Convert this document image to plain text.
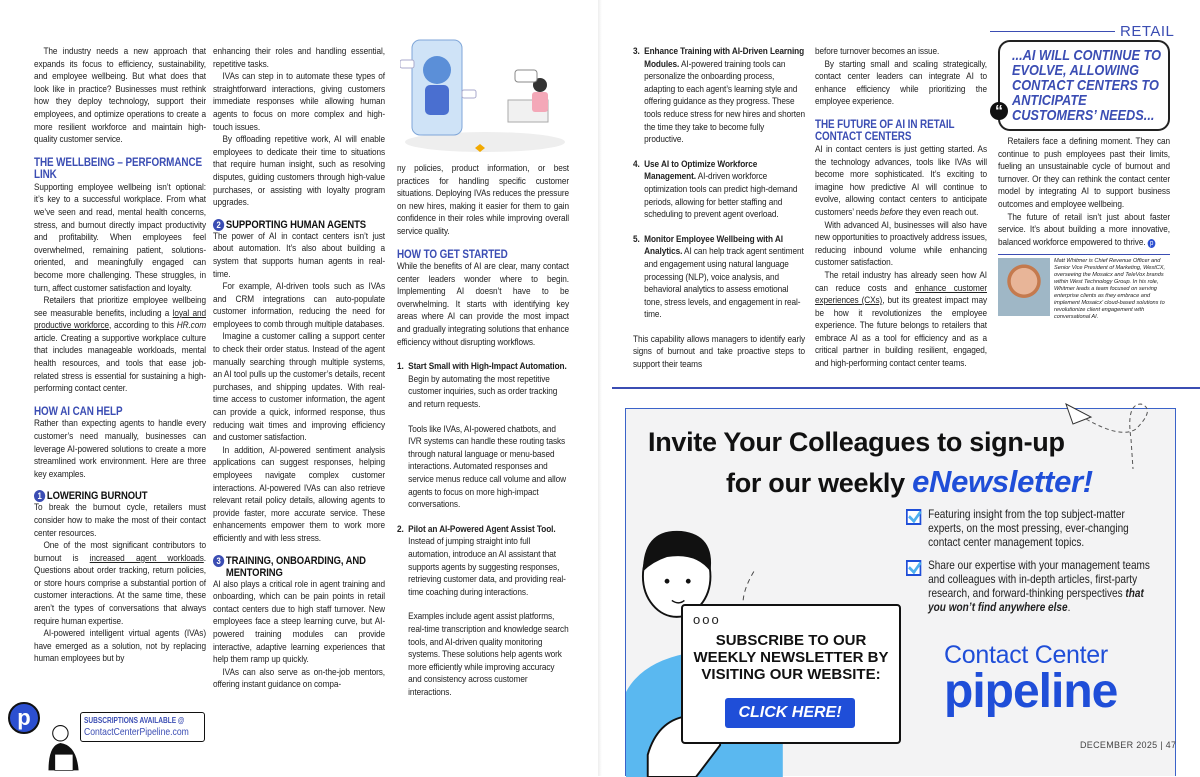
The industry needs a new approach that expands its focus to efficiency, sustainability, and employee wellbeing. But what does that look like in practice? Businesses must rethink how they deploy technology, support their employees, and optimize operations to create a more resilient workforce and maintain high-quality customer service.

THE WELLBEING – PERFORMANCE LINK

Supporting employee wellbeing isn’t optional: it’s key to a successful workplace. From what we’ve seen and read, mental health concerns, stress, and burnout directly impact productivity and profitability. When employees feel overwhelmed, remaining patient, solutions-oriented, and meaningfully engaged can become more challenging. These struggles, in turn, affect customer satisfaction and loyalty.

Retailers that prioritize employee wellbeing see measurable benefits, including a loyal and productive workforce, according to this HR.com article. Creating a supportive workplace culture that includes manageable workloads, mental health resources, and tools that ease job-related stress is essential for sustaining a high-performing contact center.

HOW AI CAN HELP

Rather than expecting agents to handle every customer’s need manually, businesses can leverage AI-powered solutions to create a more streamlined work environment. Here are three key examples.

1 LOWERING BURNOUT

To break the burnout cycle, retailers must consider how to make the most of their contact center resources.

One of the most significant contributors to burnout is increased agent workloads. Questions about order tracking, return policies, or store hours comprise a substantial portion of customer interactions. At the same time, these aren’t the types of conversations that always require human expertise.

AI-powered intelligent virtual agents (IVAs) have emerged as a solution, not by replacing human employees but by

enhancing their roles and handling essential, repetitive tasks.

IVAs can step in to automate these types of straightforward interactions, giving customers immediate responses while allowing human agents to focus on more complex and high-touch issues.

By offloading repetitive work, AI will enable employees to dedicate their time to situations that require human insight, such as resolving disputes, guiding customers through high-value purchases, or assisting with loyalty program upgrades.

2 SUPPORTING HUMAN AGENTS

The power of AI in contact centers isn’t just about automation. It’s also about building a system that supports human agents in real-time.

For example, AI-driven tools such as IVAs and CRM integrations can auto-populate customer information, reducing the need for employees to comb through multiple databases.

Imagine a customer calling a support center to check their order status. Instead of the agent manually searching through multiple systems, an AI tool pulls up the customer’s details, recent purchases, and shipping updates. With real-time access to customer information, the agent can provide a quick, informed response, thus reducing wait times and improving efficiency and customer satisfaction.

In addition, AI-powered sentiment analysis applications can suggest responses, helping employees navigate complex customer interactions. AI-powered IVAs can also retrieve relevant retail policy details, allowing agents to provide faster, more accurate service. These enhancements empower them to work more efficiently and with less stress.

3 TRAINING, ONBOARDING, AND MENTORING

AI also plays a critical role in agent training and onboarding, which can be pain points in retail contact centers due to high staff turnover. New employees face a steep learning curve, but AI-powered training modules can provide interactive, adaptive learning experiences that help them ramp up quickly.

IVAs can also serve as on-the-job mentors, offering instant guidance on compa-

ny policies, product information, or best practices for handling specific customer situations. Deploying IVAs reduces the pressure on new hires, making it easier for them to gain confidence in their roles while improving overall service quality.

HOW TO GET STARTED

While the benefits of AI are clear, many contact center leaders wonder where to begin. Implementing AI doesn’t have to be overwhelming. It starts with identifying key areas where AI can provide the most impact and gradually integrating solutions that enhance efficiency without disrupting workflows.

1. Start Small with High-Impact Automation. Begin by automating the most repetitive customer inquiries, such as order tracking and return requests.
Tools like IVAs, AI-powered chatbots, and IVR systems can handle these routing tasks through natural language or menu-based interactions. Automated responses and service menus reduce call volume and allow agents to focus on more high-impact conversations.
2. Pilot an AI-Powered Agent Assist Tool. Instead of jumping straight into full automation, introduce an AI assistant that supports agents by suggesting responses, retrieving customer data, and providing real-time coaching during interactions.
Examples include agent assist platforms, real-time transcription and knowledge search tools, and AI-driven quality monitoring systems. These solutions help agents work more efficiently while improving accuracy and consistency across customer interactions.
p	SUBSCRIPTIONS AVAILABLE @
ContactCenterPipeline.com
RETAIL
3. Enhance Training with AI-Driven Learning Modules. AI-powered training tools can personalize the onboarding process, adapting to each agent’s learning style and offering guidance as they progress. These tools reduce stress for new hires and shorten the time they take to become fully productive.
4. Use AI to Optimize Workforce Management. AI-driven workforce optimization tools can predict high-demand periods, allowing for better staffing and scheduling to prevent agent overload.
5. Monitor Employee Wellbeing with AI Analytics. AI can help track agent sentiment and engagement using natural language processing (NLP), voice analysis, and behavioral analytics to assess emotional tone, stress levels, and engagement in real-time.

This capability allows managers to identify early signs of burnout and take proactive steps to support their teams

before turnover becomes an issue.

By starting small and scaling strategically, contact center leaders can integrate AI to enhance efficiency while prioritizing the employee experience.

THE FUTURE OF AI IN RETAIL CONTACT CENTERS

AI in contact centers is just getting started. As the technology advances, tools like IVAs will become more sophisticated. It’s exciting to imagine how predictive AI will continue to evolve, allowing contact centers to anticipate customers’ needs before they even reach out.

With advanced AI, businesses will also have new opportunities to proactively address issues, reducing inbound volume while enhancing customer satisfaction.

The retail industry has already seen how AI can reduce costs and enhance customer experiences (CXs), but its greatest impact may be how it revolutionizes the employee experience. The future belongs to retailers that embrace AI as a tool for efficiency and as a critical partner in building resilient, engaged, and high-performing contact center teams.

...AI WILL CONTINUE TO EVOLVE, ALLOWING CONTACT CENTERS TO ANTICIPATE CUSTOMERS’ NEEDS...
“

Retailers face a defining moment. They can continue to push employees past their limits, fueling an unsustainable cycle of burnout and turnover. Or they can rethink the contact center model by integrating AI to support business outcomes and employee wellbeing.

The future of retail isn’t just about faster service. It’s about building a more innovative, balanced workforce empowered to thrive. p

Matt Whitmer is Chief Revenue Officer and Senior Vice President of Marketing, WestCX, overseeing the Mosaicx and TeleVox brands within West Technology Group. In his role, Whitmer leads a team focused on serving enterprise clients as they embrace and implement Mosaicx’ cloud-based solutions to revolutionize client engagement with conversational AI.
Invite Your Colleagues to sign-up
for our weekly eNewsletter!
Featuring insight from the top subject-matter experts, on the most pressing, ever-changing contact center management topics.
Share our expertise with your management teams and colleagues with in-depth articles, first-party research, and forward-thinking perspectives that you won’t find anywhere else.
ooo
SUBSCRIBE TO OUR WEEKLY NEWSLETTER BY VISITING OUR WEBSITE:
CLICK HERE!
Contact Center
pipeline
DECEMBER 2025 | 47
